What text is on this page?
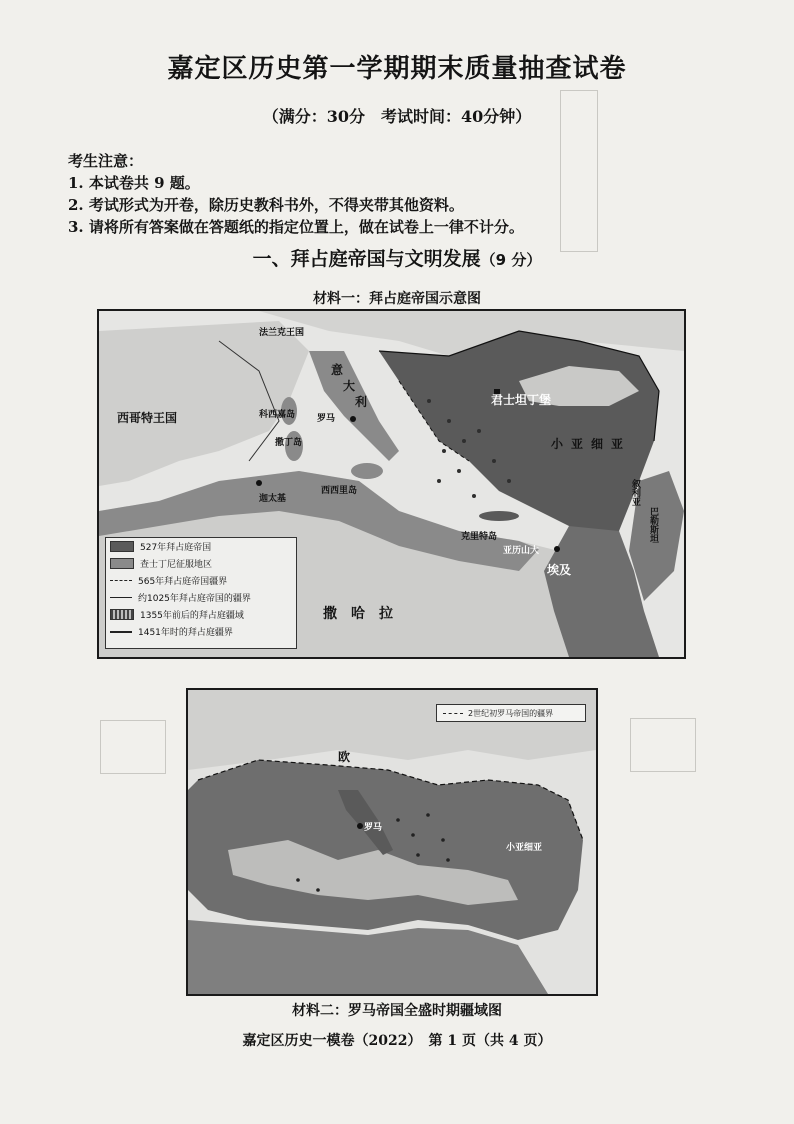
嘉定区历史第一学期期末质量抽查试卷
（满分：30分　考试时间：40分钟）
考生注意：
1. 本试卷共 9 题。
2. 考试形式为开卷，除历史教科书外，不得夹带其他资料。
3. 请将所有答案做在答题纸的指定位置上，做在试卷上一律不计分。
一、拜占庭帝国与文明发展（9 分）
材料一：拜占庭帝国示意图
法兰克王国
西哥特王国
意
大
利
科西嘉岛 罗马
撒丁岛
迦太基
西西里岛
君士坦丁堡
小亚细亚
克里特岛
亚历山大
埃及
叙利亚
巴勒斯坦
撒哈拉
527年拜占庭帝国
查士丁尼征服地区
565年拜占庭帝国疆界
约1025年拜占庭帝国的疆界
1355年前后的拜占庭疆域
1451年时的拜占庭疆界
2世纪初罗马帝国的疆界
欧
罗马
小亚细亚
材料二：罗马帝国全盛时期疆域图
嘉定区历史一模卷（2022）　第 1 页（共 4 页）
